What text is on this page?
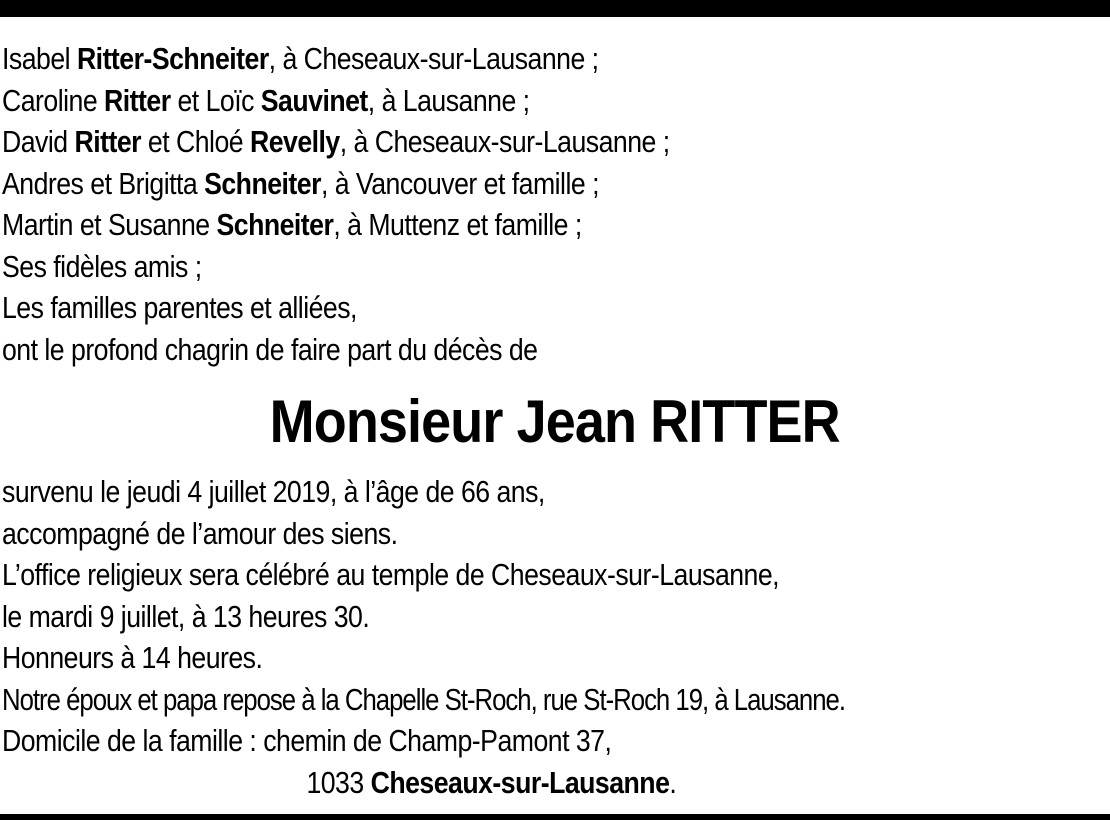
Isabel Ritter-Schneiter, à Cheseaux-sur-Lausanne ;
Caroline Ritter et Loïc Sauvinet, à Lausanne ;
David Ritter et Chloé Revelly, à Cheseaux-sur-Lausanne ;
Andres et Brigitta Schneiter, à Vancouver et famille ;
Martin et Susanne Schneiter, à Muttenz et famille ;
Ses fidèles amis ;
Les familles parentes et alliées,
ont le profond chagrin de faire part du décès de
Monsieur Jean RITTER
survenu le jeudi 4 juillet 2019, à l’âge de 66 ans,
accompagné de l’amour des siens.
L’office religieux sera célébré au temple de Cheseaux-sur-Lausanne,
le mardi 9 juillet, à 13 heures 30.
Honneurs à 14 heures.
Notre époux et papa repose à la Chapelle St-Roch, rue St-Roch 19, à Lausanne.
Domicile de la famille : chemin de Champ-Pamont 37,
1033 Cheseaux-sur-Lausanne.
